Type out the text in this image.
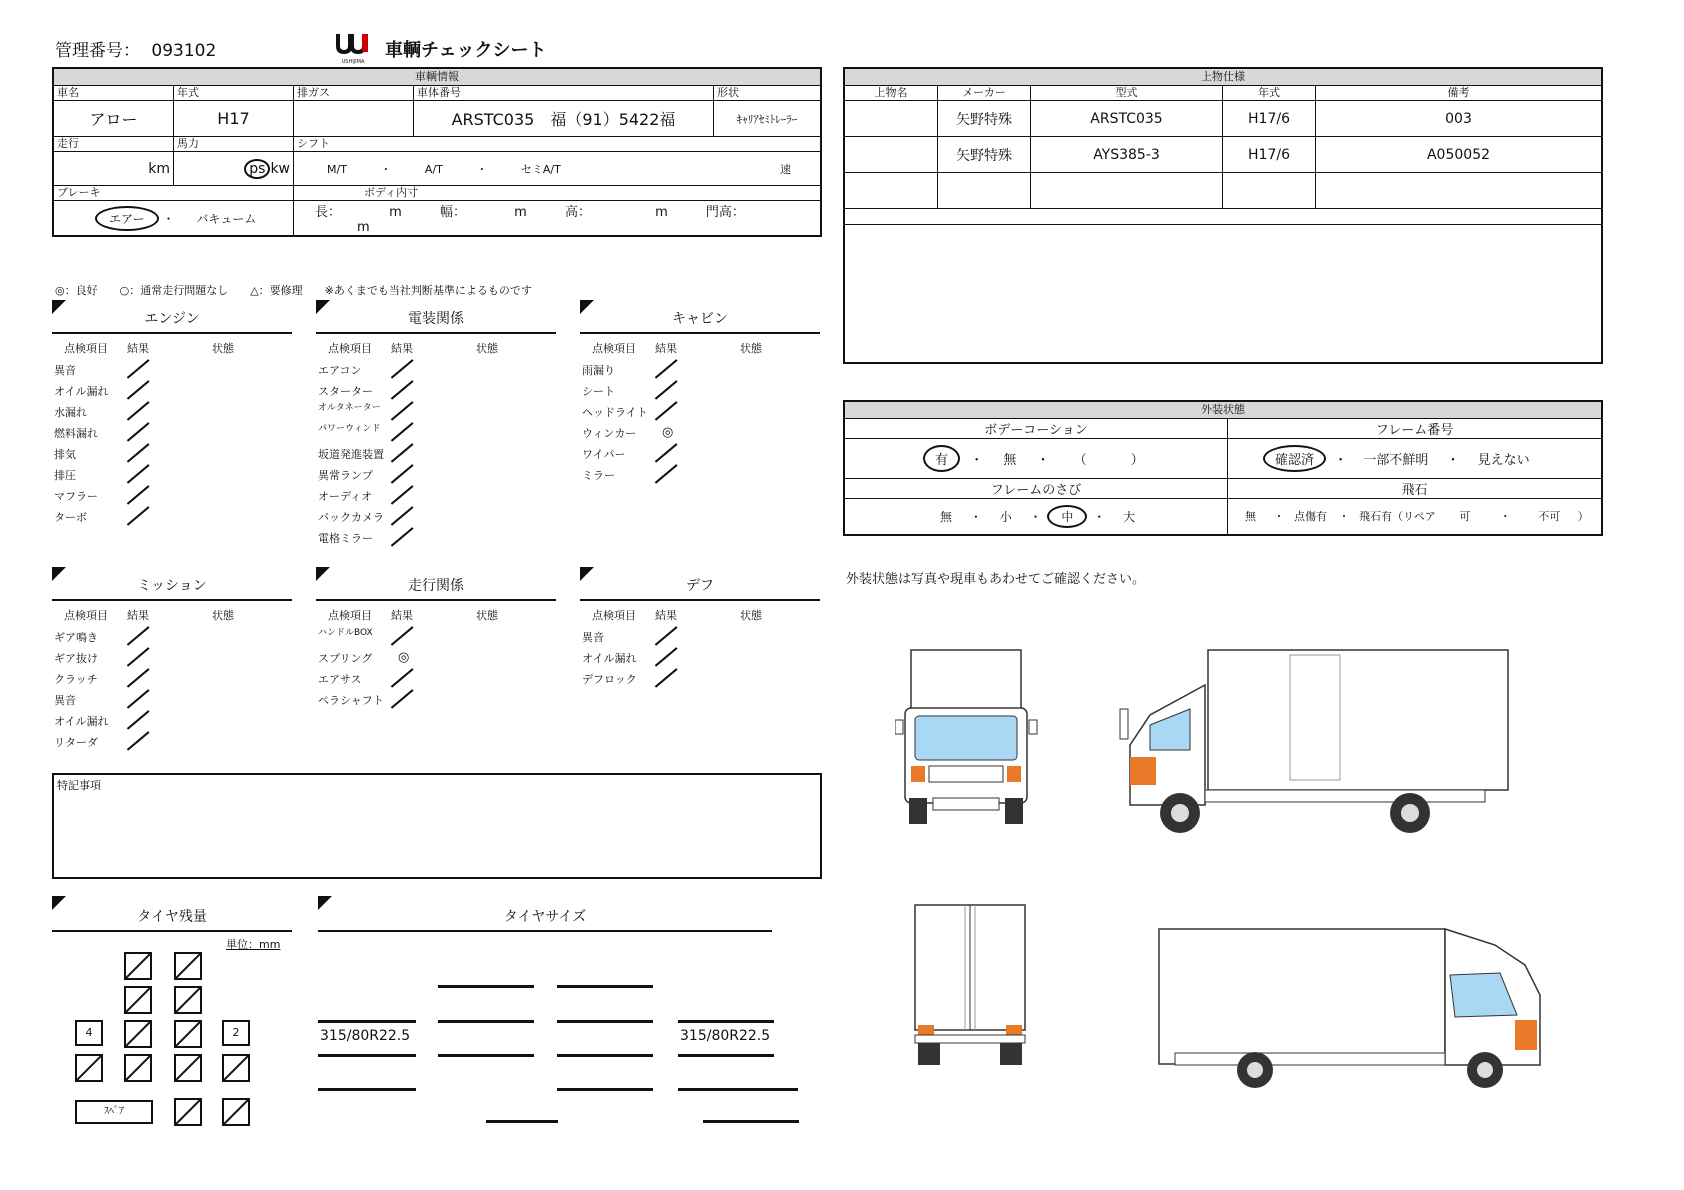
管理番号： 093102
USHIJIMA
車輌チェックシート
車輌情報				
車名	年式	排ガス	車体番号	形状
アロー	H17		ARSTC035　福（91）5422福	ｷｬﾘｱｾﾐﾄﾚｰﾗｰ
走行	馬力	シフト		
km	ps kw	M/T ・ A/T ・ セミA/T 速		

ブレーキ		ボディ内寸		
エアー ・ バキューム		長： m 幅： m 高： m 門高： m		
◎：良好　　○：通常走行問題なし　　△：要修理　　※あくまでも当社判断基準によるものです
エンジン
点検項目 結果	状態
異音
オイル漏れ
水漏れ
燃料漏れ
排気
排圧
マフラー
ターボ
電装関係
点検項目 結果	状態
エアコン
スターター
オルタネーター
パワーウィンド
坂道発進装置
異常ランプ
オーディオ
バックカメラ
電格ミラー
キャビン
点検項目 結果	状態
雨漏り
シート
ヘッドライト
ウィンカー ◎
ワイパー
ミラー
ミッション
点検項目 結果	状態
ギア鳴き
ギア抜け
クラッチ
異音
オイル漏れ
リターダ
走行関係
点検項目 結果	状態
ハンドルBOX
スプリング ◎
エアサス
ペラシャフト
デフ
点検項目 結果	状態
異音
オイル漏れ
デフロック
特記事項
タイヤ残量
単位：mm
4	2
ｽﾍﾟｱ
タイヤサイズ
315/80R22.5	315/80R22.5
上物仕様				
上物名	メーカー	型式	年式	備考
	矢野特殊	ARSTC035	H17/6	003
	矢野特殊	AYS385-3	H17/6	A050052

外装状態	
ボデーコーション	フレーム番号
有 ・ 無 ・ （ ）	確認済 ・ 一部不鮮明 ・ 見えない
フレームのさび	飛石
無 ・ 小 ・ 中 ・ 大	無 ・ 点傷有 ・ 飛石有（リペア 可 ・ 不可 ）
外装状態は写真や現車もあわせてご確認ください。
